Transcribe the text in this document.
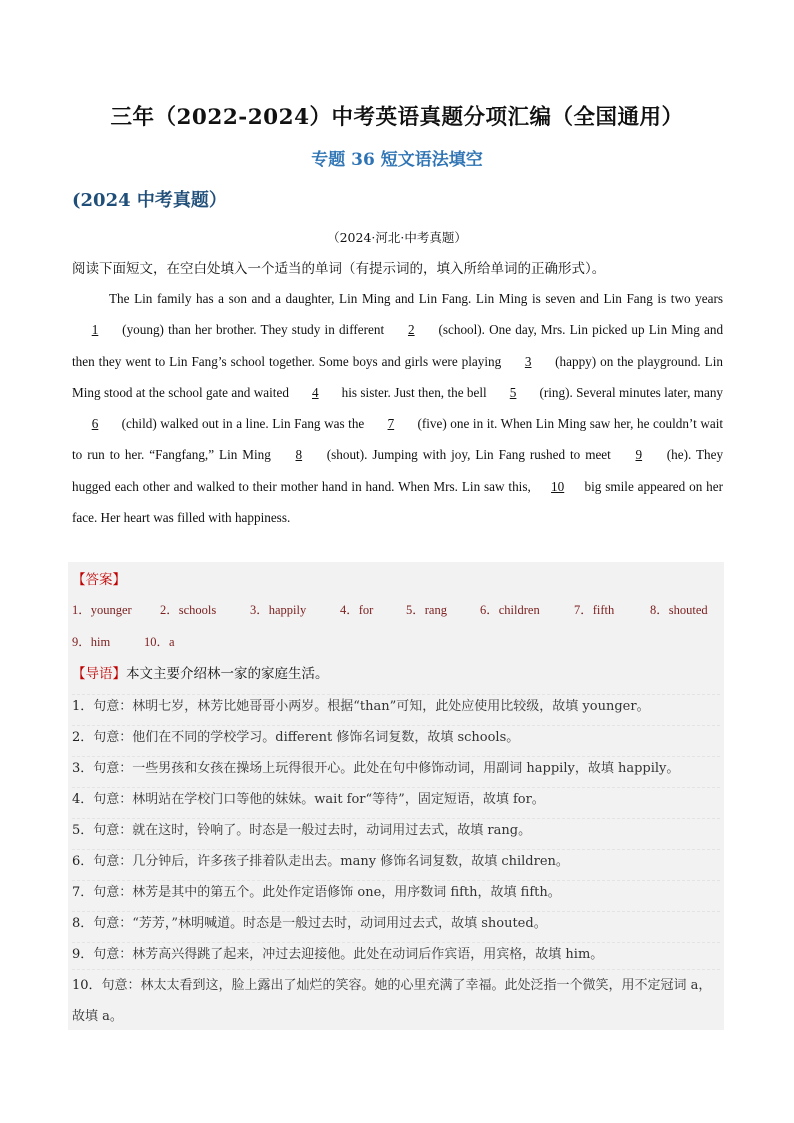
三年（2022-2024）中考英语真题分项汇编（全国通用）
专题 36 短文语法填空
(2024 中考真题）
（2024·河北·中考真题）
阅读下面短文，在空白处填入一个适当的单词（有提示词的，填入所给单词的正确形式）。

The Lin family has a son and a daughter, Lin Ming and Lin Fang. Lin Ming is seven and Lin Fang is two years 1 (young) than her brother. They study in different 2 (school). One day, Mrs. Lin picked up Lin Ming and then they went to Lin Fang’s school together. Some boys and girls were playing 3 (happy) on the playground. Lin Ming stood at the school gate and waited 4 his sister. Just then, the bell 5 (ring). Several minutes later, many 6 (child) walked out in a line. Lin Fang was the 7 (five) one in it. When Lin Ming saw her, he couldn’t wait to run to her. “Fangfang,” Lin Ming 8 (shout). Jumping with joy, Lin Fang rushed to meet 9 (he). They hugged each other and walked to their mother hand in hand. When Mrs. Lin saw this, 10 big smile appeared on her face. Her heart was filled with happiness.

【答案】
1．younger 2．schools	3．happily	4．for	5．rang	6．children	7．fifth	8．shouted
9．him	10．a
【导语】本文主要介绍林一家的家庭生活。
1．句意：林明七岁，林芳比她哥哥小两岁。根据“than”可知，此处应使用比较级，故填 younger。
2．句意：他们在不同的学校学习。different 修饰名词复数，故填 schools。
3．句意：一些男孩和女孩在操场上玩得很开心。此处在句中修饰动词，用副词 happily，故填 happily。
4．句意：林明站在学校门口等他的妹妹。wait for“等待”，固定短语，故填 for。
5．句意：就在这时，铃响了。时态是一般过去时，动词用过去式，故填 rang。
6．句意：几分钟后，许多孩子排着队走出去。many 修饰名词复数，故填 children。
7．句意：林芳是其中的第五个。此处作定语修饰 one，用序数词 fifth，故填 fifth。
8．句意：“芳芳，”林明喊道。时态是一般过去时，动词用过去式，故填 shouted。
9．句意：林芳高兴得跳了起来，冲过去迎接他。此处在动词后作宾语，用宾格，故填 him。
10．句意：林太太看到这，脸上露出了灿烂的笑容。她的心里充满了幸福。此处泛指一个微笑，用不定冠词 a，故填 a。
